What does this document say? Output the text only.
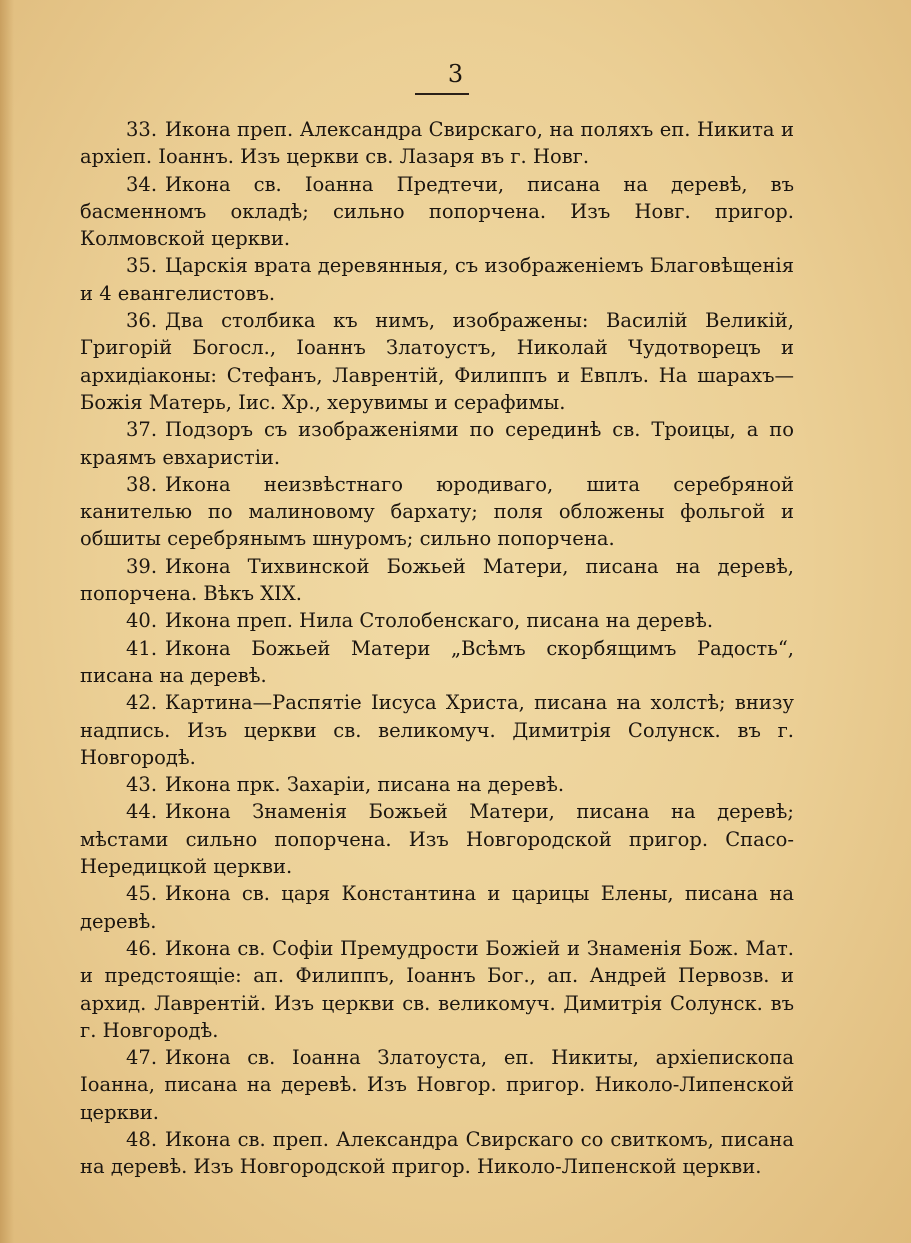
3

33. Икона преп. Александра Свирскаго, на поляхъ еп. Никита и архіеп. Іоаннъ. Изъ церкви св. Лазаря въ г. Новг.

34. Икона св. Іоанна Предтечи, писана на деревѣ, въ басменномъ окладѣ; сильно попорчена. Изъ Новг. пригор. Колмовской церкви.

35. Царскія врата деревянныя, съ изображеніемъ Благовѣщенія и 4 евангелистовъ.

36. Два столбика къ нимъ, изображены: Василій Великій, Григорій Богосл., Іоаннъ Златоустъ, Николай Чудотворецъ и архидіаконы: Стефанъ, Лаврентій, Филиппъ и Евплъ. На шарахъ—Божія Матерь, Іис. Хр., херувимы и серафимы.

37. Подзоръ съ изображеніями по серединѣ св. Троицы, а по краямъ евхаристіи.

38. Икона неизвѣстнаго юродиваго, шита серебряной канителью по малиновому бархату; поля обложены фольгой и обшиты серебрянымъ шнуромъ; сильно попорчена.

39. Икона Тихвинской Божьей Матери, писана на деревѣ, попорчена. Вѣкъ XIX.

40. Икона преп. Нила Столобенскаго, писана на деревѣ.

41. Икона Божьей Матери „Всѣмъ скорбящимъ Радость“, писана на деревѣ.

42. Картина—Распятіе Іисуса Христа, писана на холстѣ; внизу надпись. Изъ церкви св. великомуч. Димитрія Солунск. въ г. Новгородѣ.

43. Икона прк. Захаріи, писана на деревѣ.

44. Икона Знаменія Божьей Матери, писана на деревѣ; мѣстами сильно попорчена. Изъ Новгородской пригор. Спасо-Нередицкой церкви.

45. Икона св. царя Константина и царицы Елены, писана на деревѣ.

46. Икона св. Софіи Премудрости Божіей и Знаменія Бож. Мат. и предстоящіе: ап. Филиппъ, Іоаннъ Бог., ап. Андрей Первозв. и архид. Лаврентій. Изъ церкви св. великомуч. Димитрія Солунск. въ г. Новгородѣ.

47. Икона св. Іоанна Златоуста, еп. Никиты, архіепископа Іоанна, писана на деревѣ. Изъ Новгор. пригор. Николо-Липенской церкви.

48. Икона св. преп. Александра Свирскаго со свиткомъ, писана на деревѣ. Изъ Новгородской пригор. Николо-Липенской церкви.
